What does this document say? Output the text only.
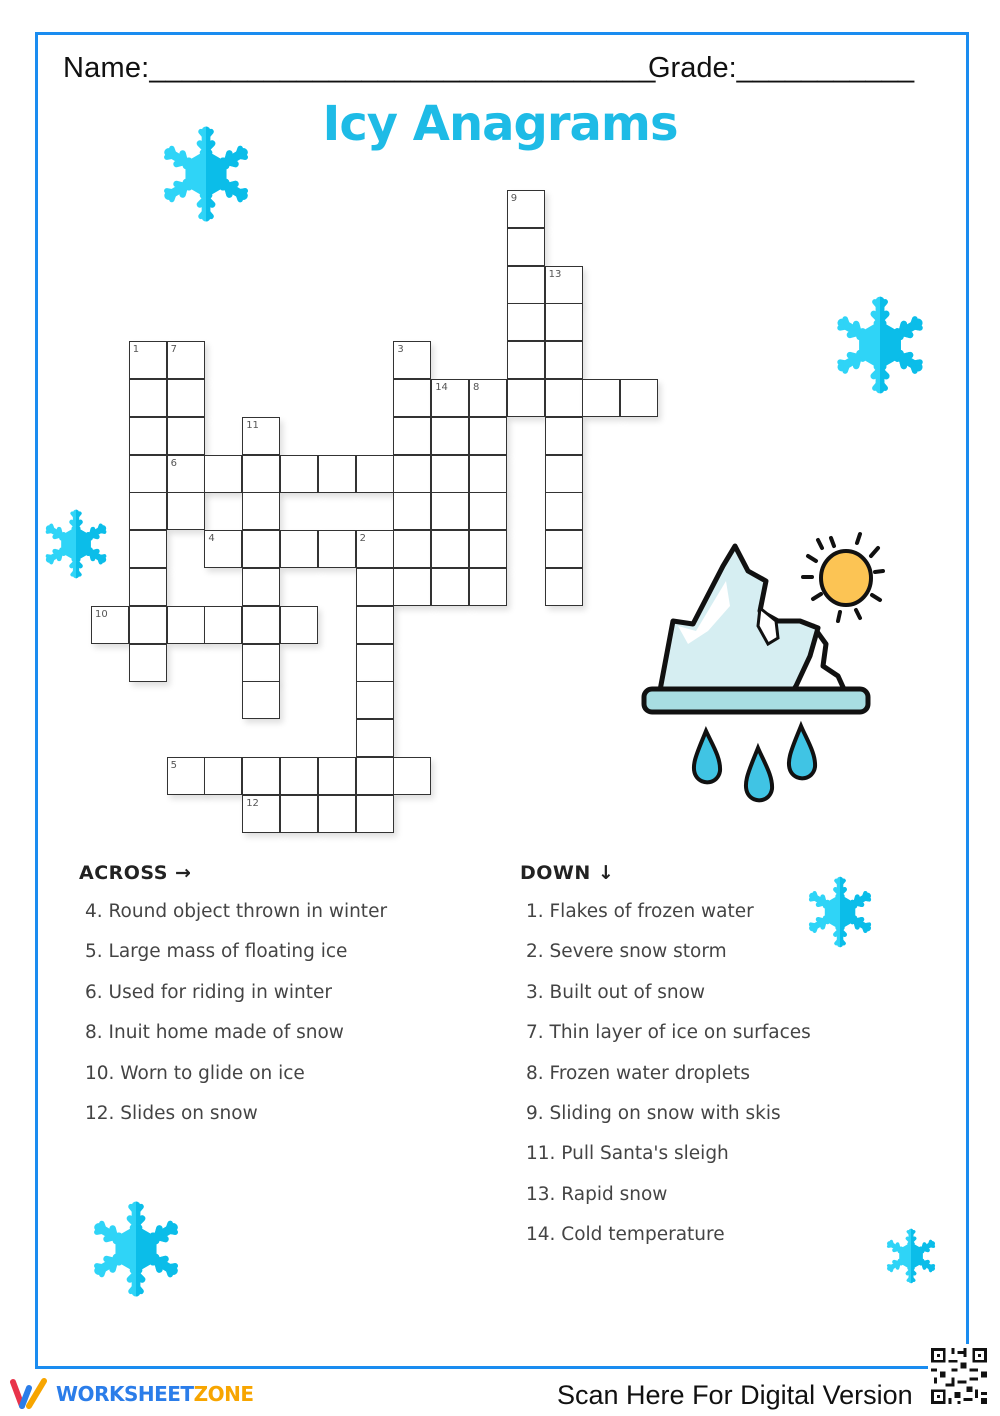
Name:_______________________________
Grade:___________
Icy Anagrams
9
13
1	7	3
14	8
11
6
4	2
10
5
12
ACROSS →
4. Round object thrown in winter
5. Large mass of floating ice
6. Used for riding in winter
8. Inuit home made of snow
10. Worn to glide on ice
12. Slides on snow
DOWN ↓
1. Flakes of frozen water
2. Severe snow storm
3. Built out of snow
7. Thin layer of ice on surfaces
8. Frozen water droplets
9. Sliding on snow with skis
11. Pull Santa's sleigh
13. Rapid snow
14. Cold temperature
WORKSHEETZONE	Scan Here For Digital Version
